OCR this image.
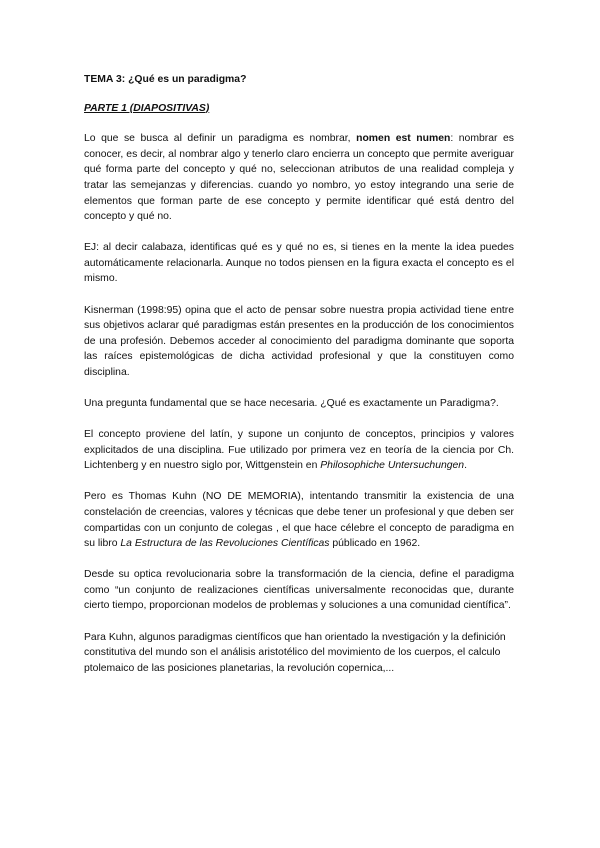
TEMA 3: ¿Qué es un paradigma?
PARTE 1 (DIAPOSITIVAS)

Lo que se busca al definir un paradigma es nombrar, nomen est numen: nombrar es conocer, es decir, al nombrar algo y tenerlo claro encierra un concepto que permite averiguar qué forma parte del concepto y qué no, seleccionan atributos de una realidad compleja y tratar las semejanzas y diferencias. cuando yo nombro, yo estoy integrando una serie de elementos que forman parte de ese concepto y permite identificar qué está dentro del concepto y qué no.

EJ: al decir calabaza, identificas qué es y qué no es, si tienes en la mente la idea puedes automáticamente relacionarla. Aunque no todos piensen en la figura exacta el concepto es el mismo.

Kisnerman (1998:95) opina que el acto de pensar sobre nuestra propia actividad tiene entre sus objetivos aclarar qué paradigmas están presentes en la producción de los conocimientos de una profesión. Debemos acceder al conocimiento del paradigma dominante que soporta las raíces epistemológicas de dicha actividad profesional y que la constituyen como disciplina.

Una pregunta fundamental que se hace necesaria. ¿Qué es exactamente un Paradigma?.

El concepto proviene del latín, y supone un conjunto de conceptos, principios y valores explicitados de una disciplina. Fue utilizado por primera vez en teoría de la ciencia por Ch. Lichtenberg y en nuestro siglo por, Wittgenstein en Philosophiche Untersuchungen.

Pero es Thomas Kuhn (NO DE MEMORIA), intentando transmitir la existencia de una constelación de creencias, valores y técnicas que debe tener un profesional y que deben ser compartidas con un conjunto de colegas , el que hace célebre el concepto de paradigma en su libro La Estructura de las Revoluciones Científicas públicado en 1962.

Desde su optica revolucionaria sobre la transformación de la ciencia, define el paradigma como “un conjunto de realizaciones científicas universalmente reconocidas que, durante cierto tiempo, proporcionan modelos de problemas y soluciones a una comunidad científica”.

Para Kuhn, algunos paradigmas científicos que han orientado la nvestigación y la definición constitutiva del mundo son el análisis aristotélico del movimiento de los cuerpos, el calculo ptolemaico de las posiciones planetarias, la revolución copernica,...
